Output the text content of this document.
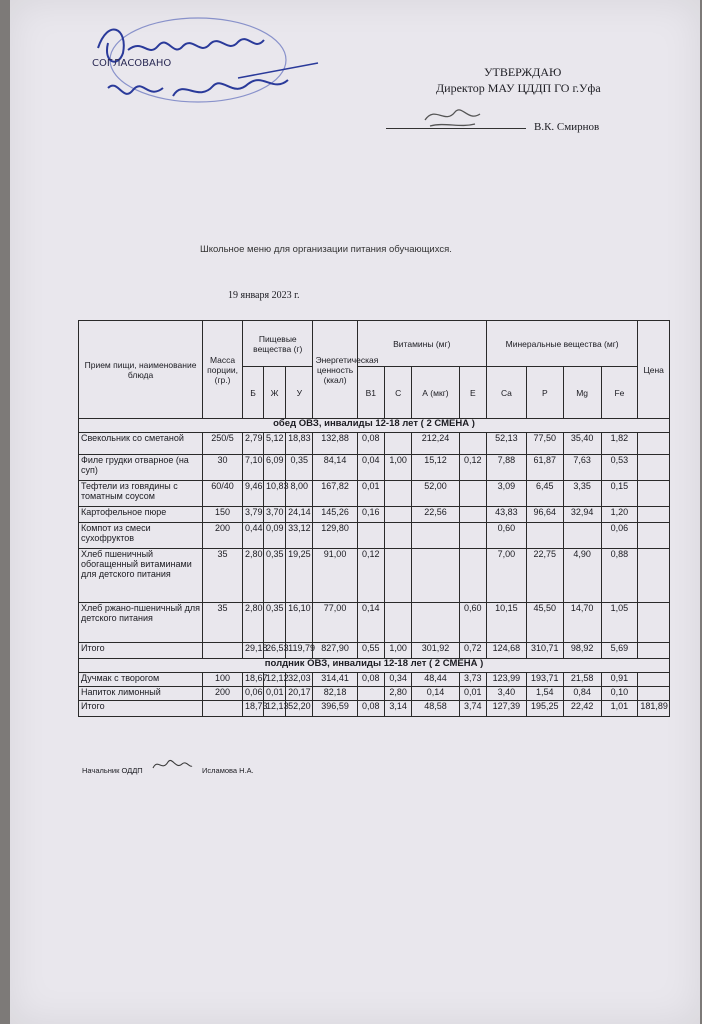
СОГЛАСОВАНО
УТВЕРЖДАЮ
Директор МАУ ЦДДП ГО г.Уфа
В.К. Смирнов
Школьное меню для организации питания обучающихся.
19 января 2023 г.
Прием пищи, наименование блюда	Масса порции, (гр.)	Пищевые вещества (г)			Энергетическая ценность (ккал)	Витамины (мг)				Минеральные вещества (мг)				Цена
		Б	Ж	У		B1	C	А (мкг)	E	Ca	P	Mg	Fe	
обед ОВЗ, инвалиды 12-18 лет ( 2 СМЕНА )														
Свекольник со сметаной	250/5	2,79	5,12	18,83	132,88	0,08		212,24		52,13	77,50	35,40	1,82	
Филе грудки отварное (на суп)	30	7,10	6,09	0,35	84,14	0,04	1,00	15,12	0,12	7,88	61,87	7,63	0,53	
Тефтели из говядины с томатным соусом	60/40	9,46	10,83	8,00	167,82	0,01		52,00		3,09	6,45	3,35	0,15	
Картофельное пюре	150	3,79	3,70	24,14	145,26	0,16		22,56		43,83	96,64	32,94	1,20	
Компот из смеси сухофруктов	200	0,44	0,09	33,12	129,80					0,60			0,06	
Хлеб пшеничный обогащенный витаминами для детского питания	35	2,80	0,35	19,25	91,00	0,12				7,00	22,75	4,90	0,88	
Хлеб ржано-пшеничный для детского питания	35	2,80	0,35	16,10	77,00	0,14			0,60	10,15	45,50	14,70	1,05	
Итого		29,18	26,53	119,79	827,90	0,55	1,00	301,92	0,72	124,68	310,71	98,92	5,69	
полдник ОВЗ, инвалиды 12-18 лет ( 2 СМЕНА )														
Дучмак с творогом	100	18,67	12,12	32,03	314,41	0,08	0,34	48,44	3,73	123,99	193,71	21,58	0,91	
Напиток лимонный	200	0,06	0,01	20,17	82,18		2,80	0,14	0,01	3,40	1,54	0,84	0,10	
Итого		18,73	12,13	52,20	396,59	0,08	3,14	48,58	3,74	127,39	195,25	22,42	1,01	181,89
Начальник ОДДП	Исламова Н.А.
